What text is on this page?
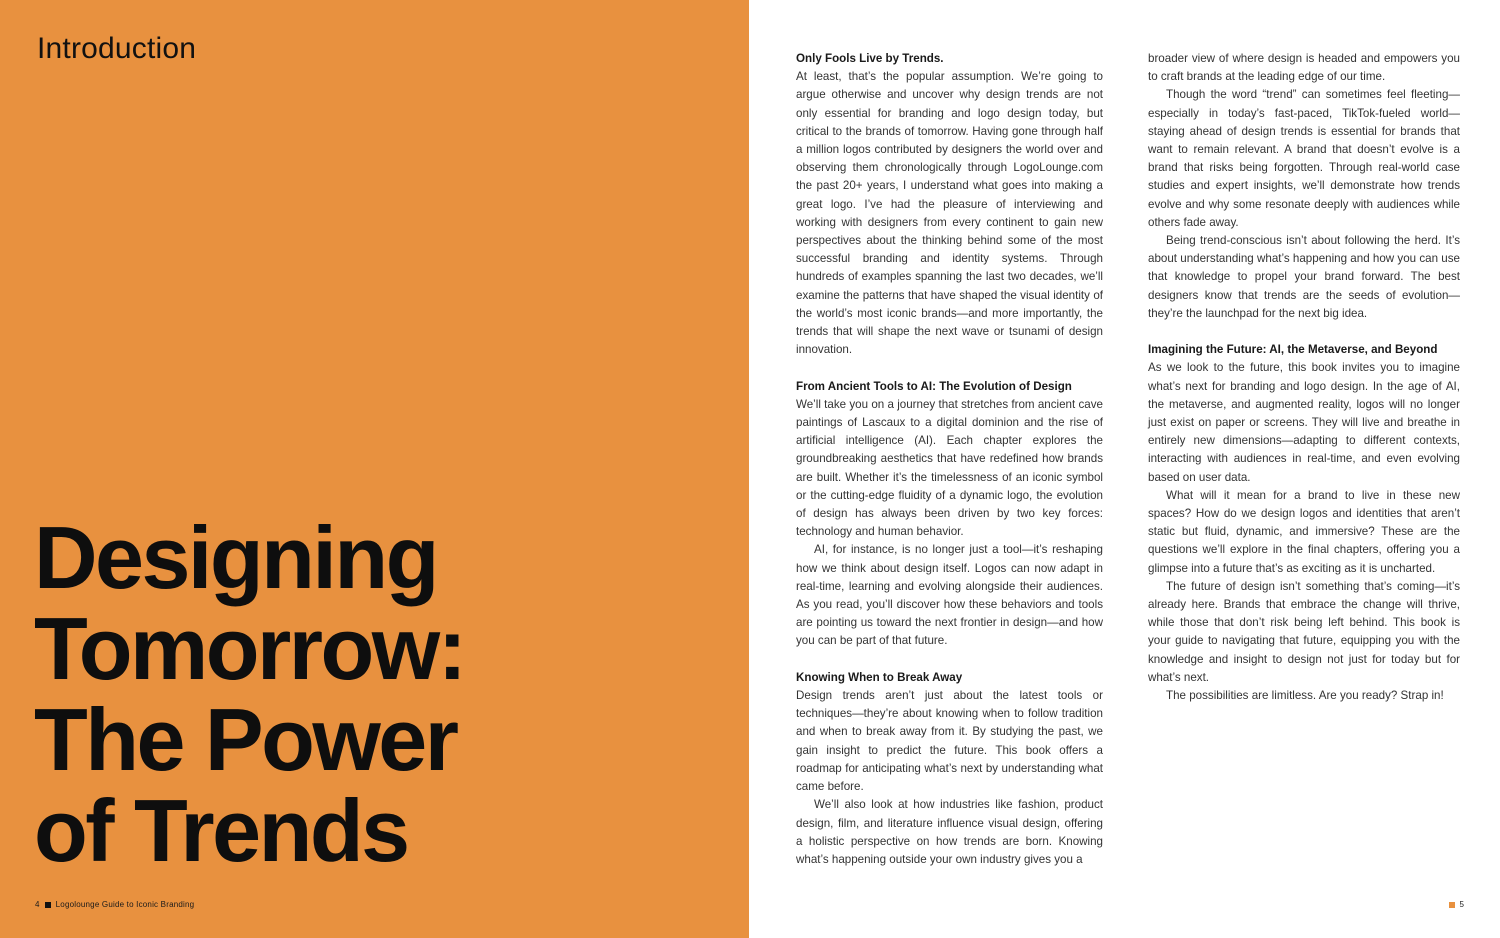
Introduction
Designing
Tomorrow:
The Power
of Trends
4 Logolounge Guide to Iconic Branding
Only Fools Live by Trends.

At least, that’s the popular assumption. We’re going to argue otherwise and uncover why design trends are not only essential for branding and logo design today, but critical to the brands of tomorrow. Having gone through half a million logos contributed by designers the world over and observing them chronologically through LogoLounge.com the past 20+ years, I understand what goes into making a great logo. I’ve had the pleasure of interviewing and working with designers from every continent to gain new perspectives about the thinking behind some of the most successful branding and identity systems. Through hundreds of examples spanning the last two decades, we’ll examine the patterns that have shaped the visual identity of the world’s most iconic brands—and more importantly, the trends that will shape the next wave or tsunami of design innovation.

From Ancient Tools to AI: The Evolution of Design

We’ll take you on a journey that stretches from ancient cave paintings of Lascaux to a digital dominion and the rise of artificial intelligence (AI). Each chapter explores the groundbreaking aesthetics that have redefined how brands are built. Whether it’s the timelessness of an iconic symbol or the cutting-edge fluidity of a dynamic logo, the evolution of design has always been driven by two key forces: technology and human behavior.

AI, for instance, is no longer just a tool—it’s reshaping how we think about design itself. Logos can now adapt in real-time, learning and evolving alongside their audiences. As you read, you’ll discover how these behaviors and tools are pointing us toward the next frontier in design—and how you can be part of that future.

Knowing When to Break Away

Design trends aren’t just about the latest tools or techniques—they’re about knowing when to follow tradition and when to break away from it. By studying the past, we gain insight to predict the future. This book offers a roadmap for anticipating what’s next by understanding what came before.

We’ll also look at how industries like fashion, product design, film, and literature influence visual design, offering a holistic perspective on how trends are born. Knowing what’s happening outside your own industry gives you a

broader view of where design is headed and empowers you to craft brands at the leading edge of our time.

Though the word “trend” can sometimes feel fleeting—especially in today’s fast-paced, TikTok-fueled world—staying ahead of design trends is essential for brands that want to remain relevant. A brand that doesn’t evolve is a brand that risks being forgotten. Through real-world case studies and expert insights, we’ll demonstrate how trends evolve and why some resonate deeply with audiences while others fade away.

Being trend-conscious isn’t about following the herd. It’s about understanding what’s happening and how you can use that knowledge to propel your brand forward. The best designers know that trends are the seeds of evolution—they’re the launchpad for the next big idea.

Imagining the Future: AI, the Metaverse, and Beyond

As we look to the future, this book invites you to imagine what’s next for branding and logo design. In the age of AI, the metaverse, and augmented reality, logos will no longer just exist on paper or screens. They will live and breathe in entirely new dimensions—adapting to different contexts, interacting with audiences in real-time, and even evolving based on user data.

What will it mean for a brand to live in these new spaces? How do we design logos and identities that aren’t static but fluid, dynamic, and immersive? These are the questions we’ll explore in the final chapters, offering you a glimpse into a future that’s as exciting as it is uncharted.

The future of design isn’t something that’s coming—it’s already here. Brands that embrace the change will thrive, while those that don’t risk being left behind. This book is your guide to navigating that future, equipping you with the knowledge and insight to design not just for today but for what’s next.

The possibilities are limitless. Are you ready? Strap in!

5
